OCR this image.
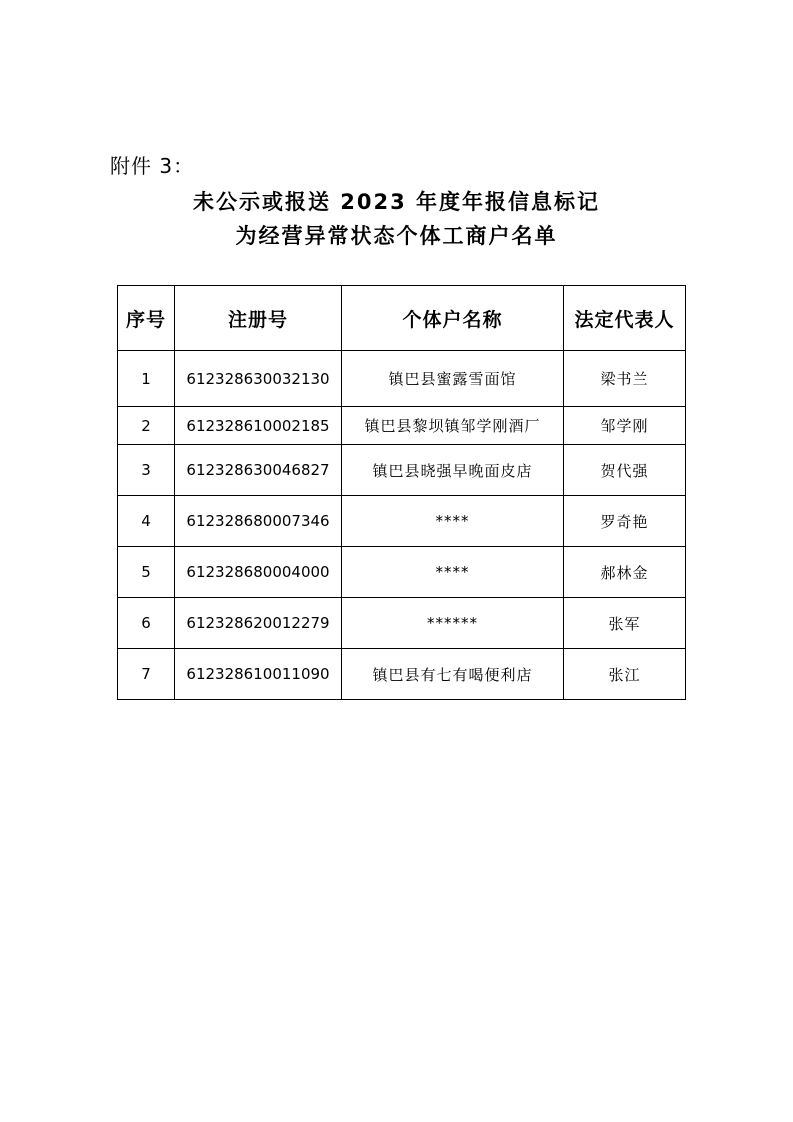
附件 3：
未公示或报送 2023 年度年报信息标记
为经营异常状态个体工商户名单
序号	注册号	个体户名称	法定代表人
1	612328630032130	镇巴县蜜露雪面馆	梁书兰
2	612328610002185	镇巴县黎坝镇邹学刚酒厂	邹学刚
3	612328630046827	镇巴县晓强早晚面皮店	贺代强
4	612328680007346	****	罗奇艳
5	612328680004000	****	郝林金
6	612328620012279	******	张军
7	612328610011090	镇巴县有七有喝便利店	张江
